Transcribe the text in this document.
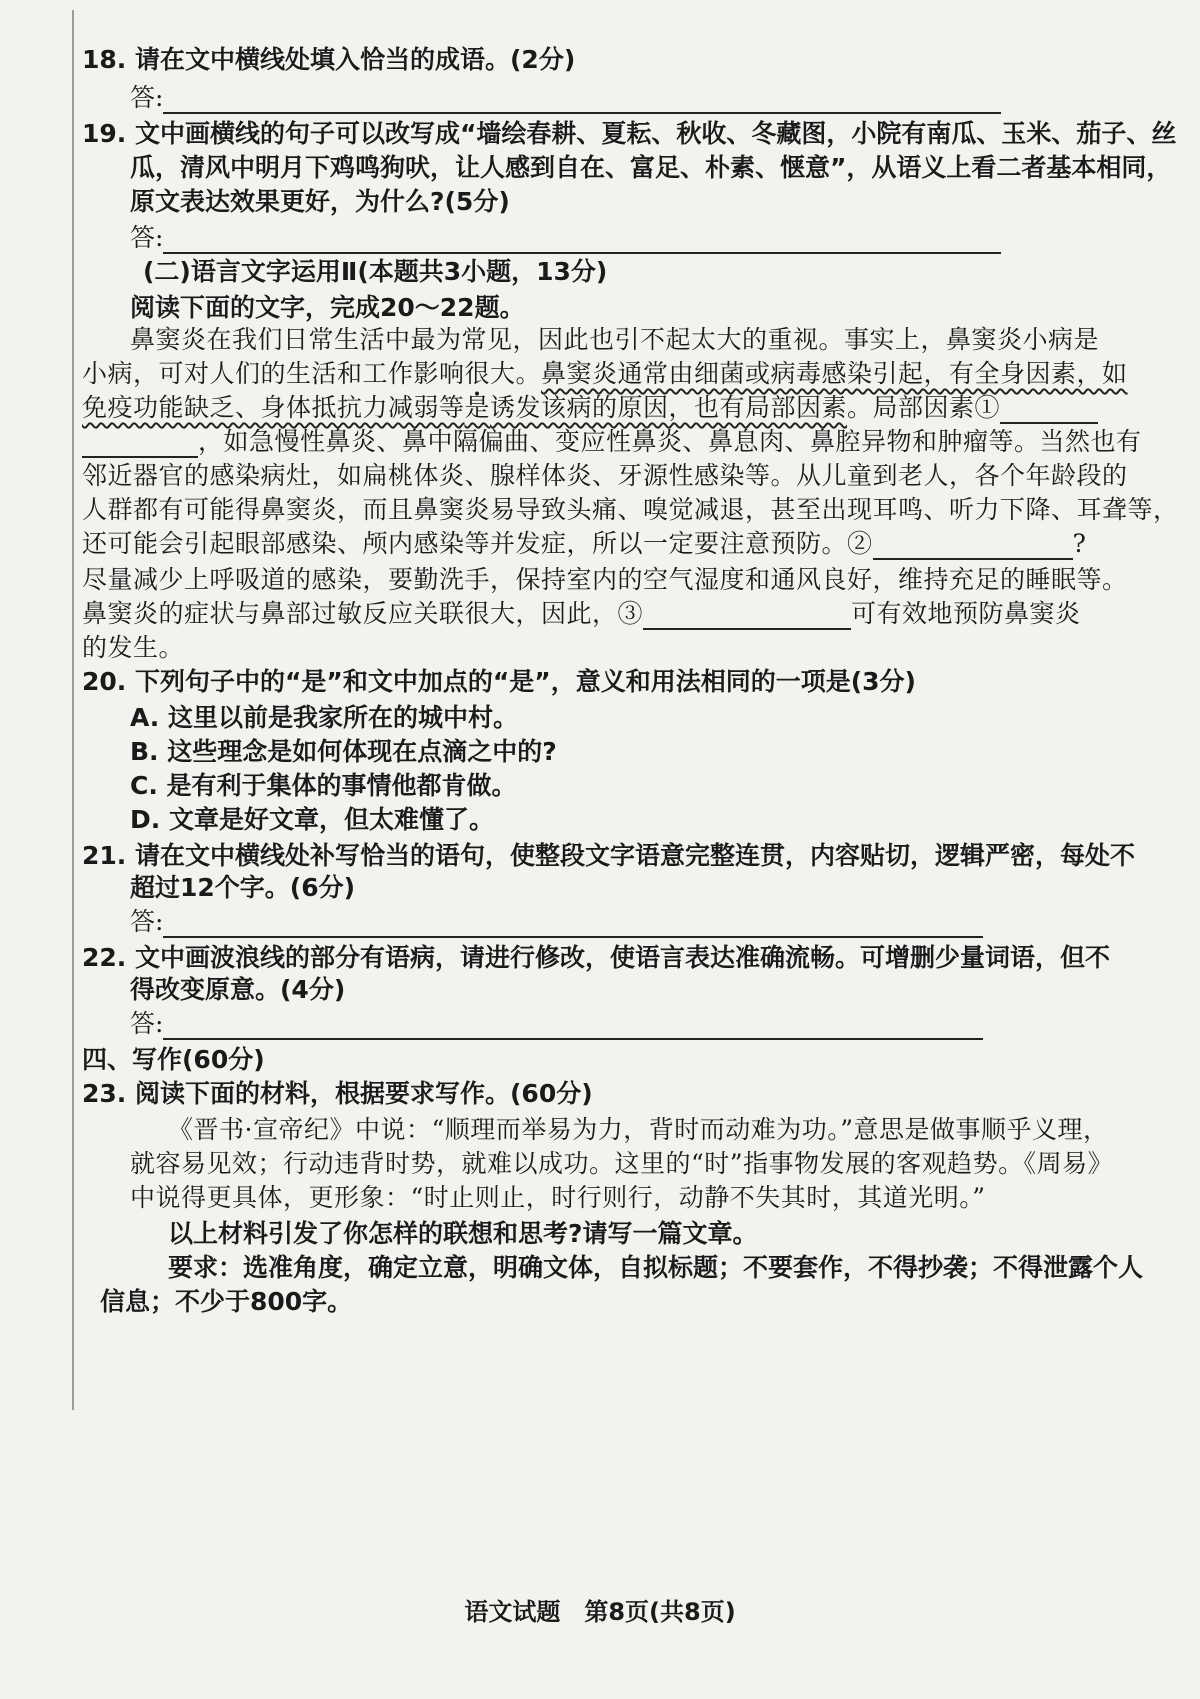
18. 请在文中横线处填入恰当的成语。(2分)
答:
19. 文中画横线的句子可以改写成“墙绘春耕、夏耘、秋收、冬藏图，小院有南瓜、玉米、茄子、丝
瓜，清风中明月下鸡鸣狗吠，让人感到自在、富足、朴素、惬意”，从语义上看二者基本相同，
原文表达效果更好，为什么?(5分)
答:
(二)语言文字运用Ⅱ(本题共3小题，13分)
阅读下面的文字，完成20～22题。
鼻窦炎在我们日常生活中最为常见，因此也引不起太大的重视。事实上，鼻窦炎小病是
小病，可对人们的生活和工作影响很大。鼻窦炎通常由细菌或病毒感染引起，有全身因素，如
免疫功能缺乏、身体抵抗力减弱等是诱发该病的原因，也有局部因素。局部因素①
，如急慢性鼻炎、鼻中隔偏曲、变应性鼻炎、鼻息肉、鼻腔异物和肿瘤等。当然也有
邻近器官的感染病灶，如扁桃体炎、腺样体炎、牙源性感染等。从儿童到老人，各个年龄段的
人群都有可能得鼻窦炎，而且鼻窦炎易导致头痛、嗅觉减退，甚至出现耳鸣、听力下降、耳聋等，
还可能会引起眼部感染、颅内感染等并发症，所以一定要注意预防。②	?
尽量减少上呼吸道的感染，要勤洗手，保持室内的空气湿度和通风良好，维持充足的睡眠等。
鼻窦炎的症状与鼻部过敏反应关联很大，因此，③	可有效地预防鼻窦炎
的发生。
20. 下列句子中的“是”和文中加点的“是”，意义和用法相同的一项是(3分)
A. 这里以前是我家所在的城中村。
B. 这些理念是如何体现在点滴之中的?
C. 是有利于集体的事情他都肯做。
D. 文章是好文章，但太难懂了。
21. 请在文中横线处补写恰当的语句，使整段文字语意完整连贯，内容贴切，逻辑严密，每处不
超过12个字。(6分)
答:
22. 文中画波浪线的部分有语病，请进行修改，使语言表达准确流畅。可增删少量词语，但不
得改变原意。(4分)
答:
四、写作(60分)
23. 阅读下面的材料，根据要求写作。(60分)
《晋书·宣帝纪》中说：“顺理而举易为力，背时而动难为功。”意思是做事顺乎义理，
就容易见效；行动违背时势，就难以成功。这里的“时”指事物发展的客观趋势。《周易》
中说得更具体，更形象：“时止则止，时行则行，动静不失其时，其道光明。”
以上材料引发了你怎样的联想和思考?请写一篇文章。
要求：选准角度，确定立意，明确文体，自拟标题；不要套作，不得抄袭；不得泄露个人
信息；不少于800字。
语文试题　第8页(共8页)
